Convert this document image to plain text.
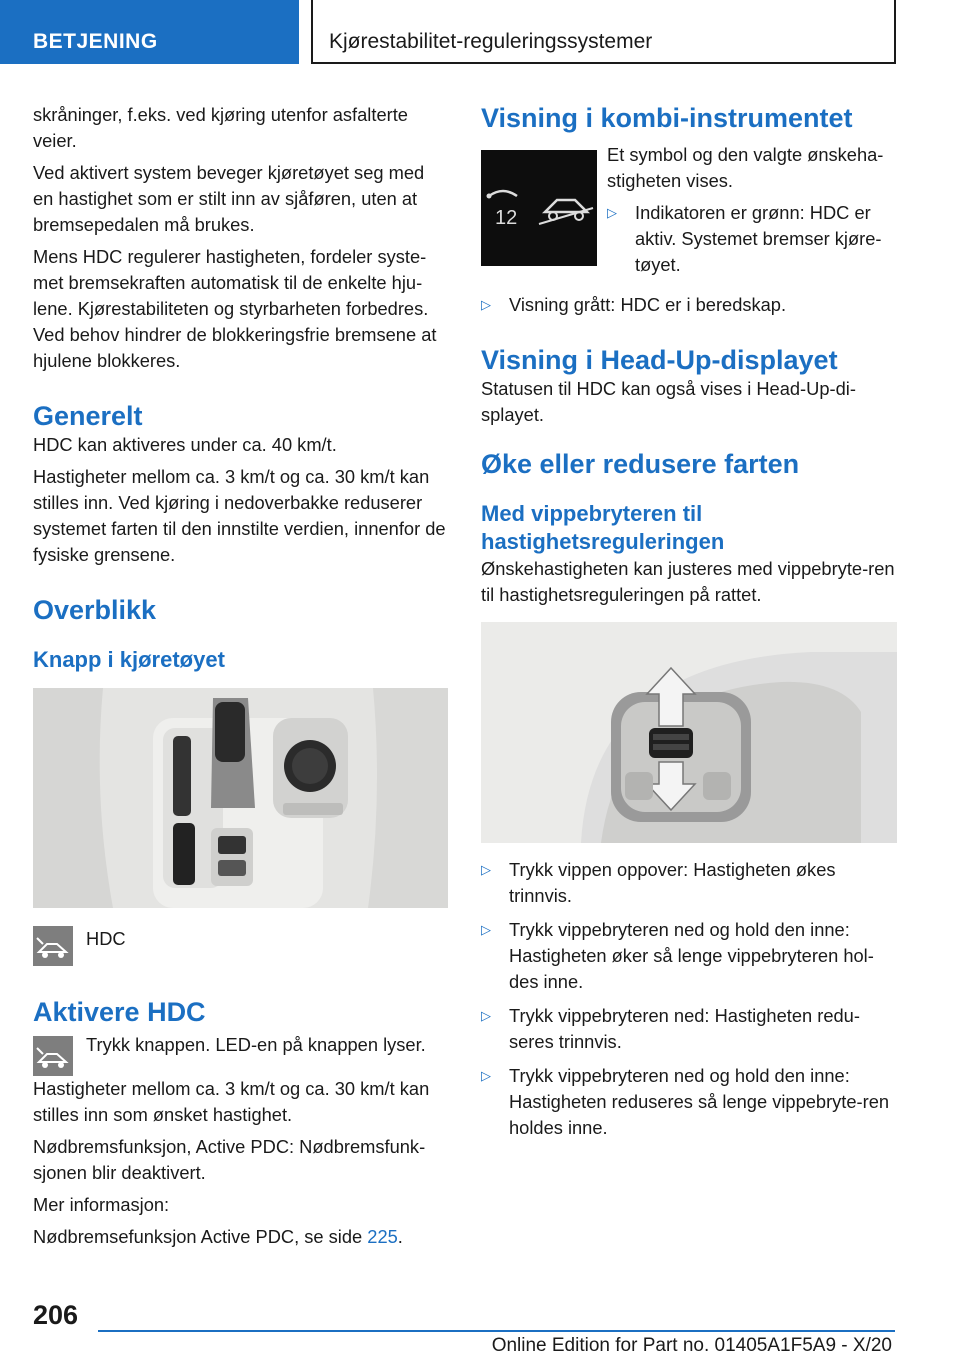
BETJENING	Kjørestabilitet-reguleringssystemer

skråninger, f.eks. ved kjøring utenfor asfalterte veier.

Ved aktivert system beveger kjøretøyet seg med en hastighet som er stilt inn av sjåføren, uten at bremsepedalen må brukes.

Mens HDC regulerer hastigheten, fordeler syste-met bremsekraften automatisk til de enkelte hju-lene. Kjørestabiliteten og styrbarheten forbedres. Ved behov hindrer de blokkeringsfrie bremsene at hjulene blokkeres.

Generelt

HDC kan aktiveres under ca. 40 km/t.

Hastigheter mellom ca. 3 km/t og ca. 30 km/t kan stilles inn. Ved kjøring i nedoverbakke reduserer systemet farten til den innstilte verdien, innenfor de fysiske grensene.

Overblikk
Knapp i kjøretøyet
HDC
Aktivere HDC

Trykk knappen. LED-en på knappen lyser.

Hastigheter mellom ca. 3 km/t og ca. 30 km/t kan stilles inn som ønsket hastighet.

Nødbremsfunksjon, Active PDC: Nødbremsfunk-sjonen blir deaktivert.

Mer informasjon:

Nødbremsefunksjon Active PDC, se side 225.

Visning i kombi-instrumentet
12

Et symbol og den valgte ønskeha-stigheten vises.

▷ Indikatoren er grønn: HDC er aktiv. Systemet bremser kjøre-tøyet.
▷ Visning grått: HDC er i beredskap.
Visning i Head-Up-displayet

Statusen til HDC kan også vises i Head-Up-di-splayet.

Øke eller redusere farten
Med vippebryteren til hastighetsreguleringen

Ønskehastigheten kan justeres med vippebryte-ren til hastighetsreguleringen på rattet.

▷ Trykk vippen oppover: Hastigheten økes trinnvis.
▷ Trykk vippebryteren ned og hold den inne: Hastigheten øker så lenge vippebryteren hol-des inne.
▷ Trykk vippebryteren ned: Hastigheten redu-seres trinnvis.
▷ Trykk vippebryteren ned og hold den inne: Hastigheten reduseres så lenge vippebryte-ren holdes inne.
206
Online Edition for Part no. 01405A1F5A9 - X/20
